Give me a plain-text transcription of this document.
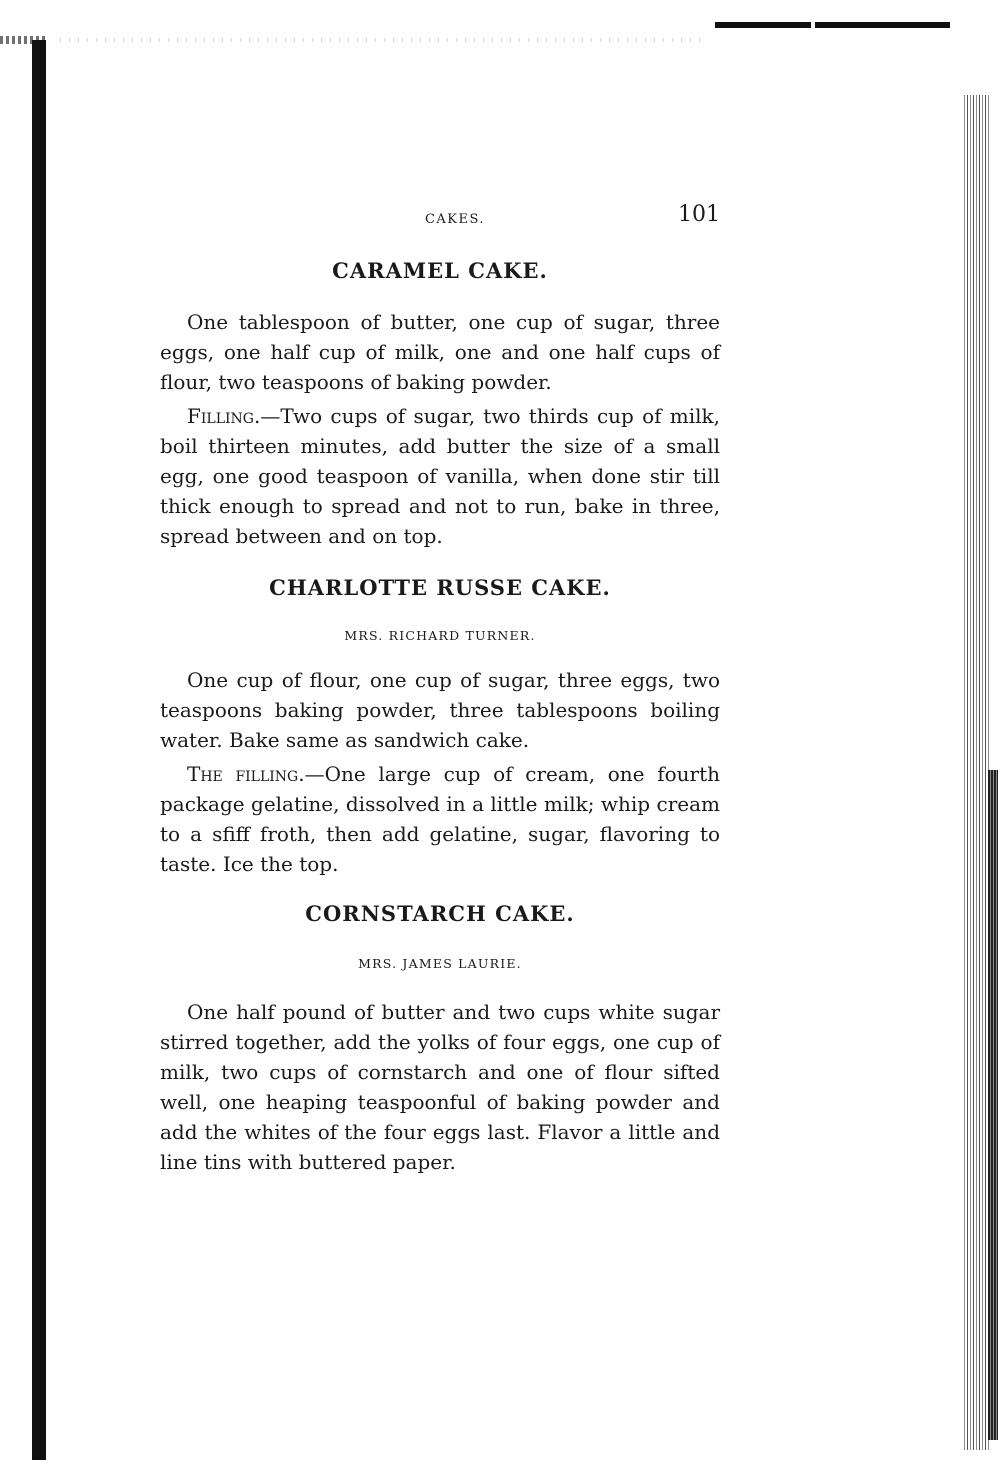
CAKES.	101
CARAMEL CAKE.

One tablespoon of butter, one cup of sugar, three eggs, one half cup of milk, one and one half cups of flour, two teaspoons of baking powder.

Filling.—Two cups of sugar, two thirds cup of milk, boil thirteen minutes, add butter the size of a small egg, one good teaspoon of vanilla, when done stir till thick enough to spread and not to run, bake in three, spread between and on top.

CHARLOTTE RUSSE CAKE.

MRS. RICHARD TURNER.

One cup of flour, one cup of sugar, three eggs, two teaspoons baking powder, three tablespoons boiling water. Bake same as sandwich cake.

The filling.—One large cup of cream, one fourth package gelatine, dissolved in a little milk; whip cream to a sfiff froth, then add gelatine, sugar, flavoring to taste. Ice the top.

CORNSTARCH CAKE.

MRS. JAMES LAURIE.

One half pound of butter and two cups white sugar stirred together, add the yolks of four eggs, one cup of milk, two cups of cornstarch and one of flour sifted well, one heaping teaspoonful of baking powder and add the whites of the four eggs last. Flavor a little and line tins with buttered paper.
